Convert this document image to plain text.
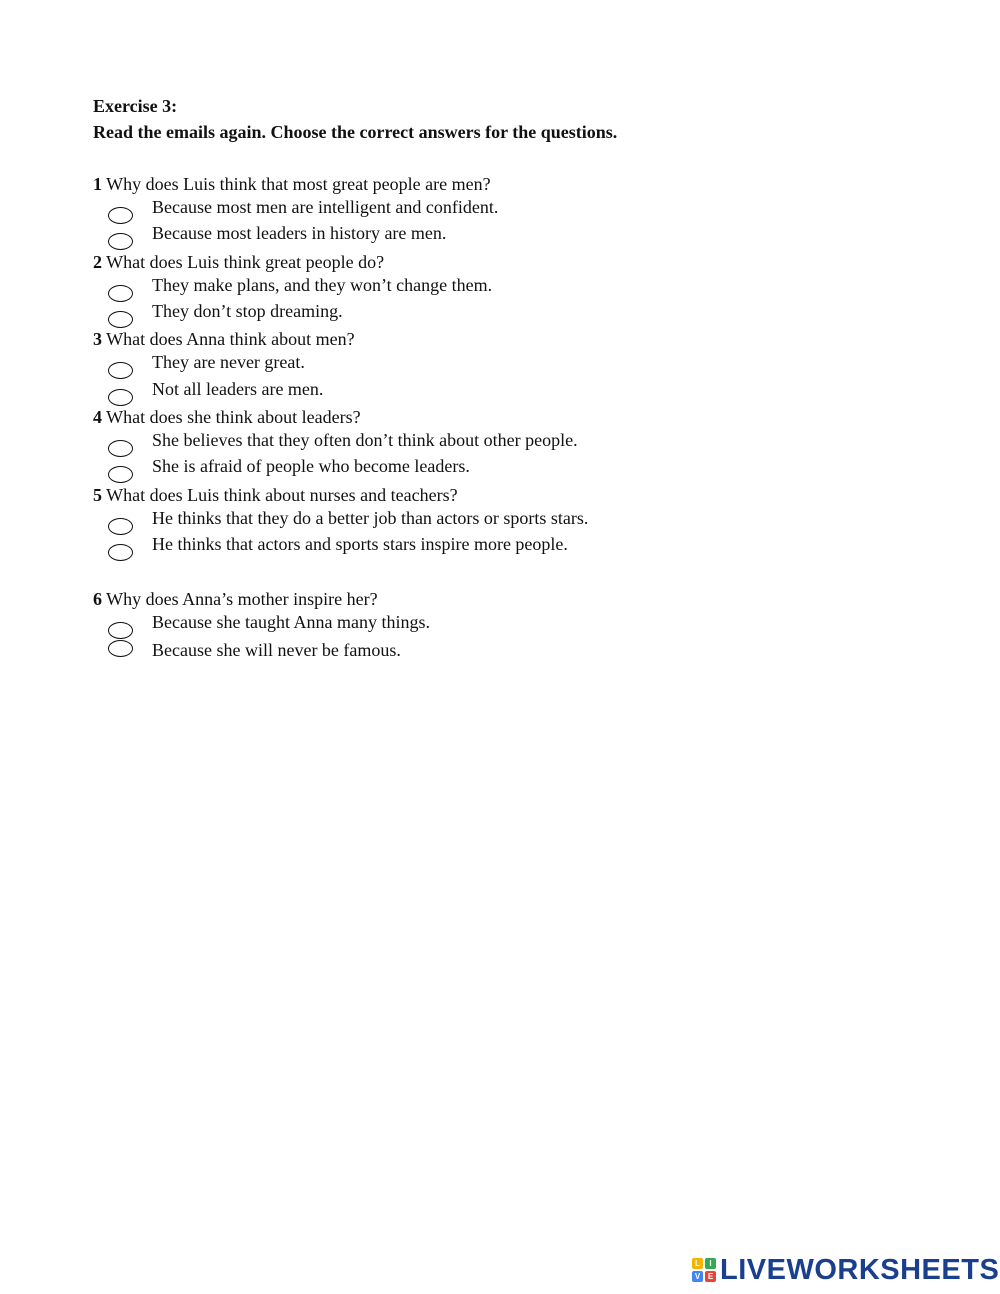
Exercise 3:
Read the emails again. Choose the correct answers for the questions.
1 Why does Luis think that most great people are men?
Because most men are intelligent and confident.
Because most leaders in history are men.
2 What does Luis think great people do?
They make plans, and they won’t change them.
They don’t stop dreaming.
3 What does Anna think about men?
They are never great.
Not all leaders are men.
4 What does she think about leaders?
She believes that they often don’t think about other people.
She is afraid of people who become leaders.
5 What does Luis think about nurses and teachers?
He thinks that they do a better job than actors or sports stars.
He thinks that actors and sports stars inspire more people.
6 Why does Anna’s mother inspire her?
Because she taught Anna many things.
Because she will never be famous.
L	I
V E LIVEWORKSHEETS
